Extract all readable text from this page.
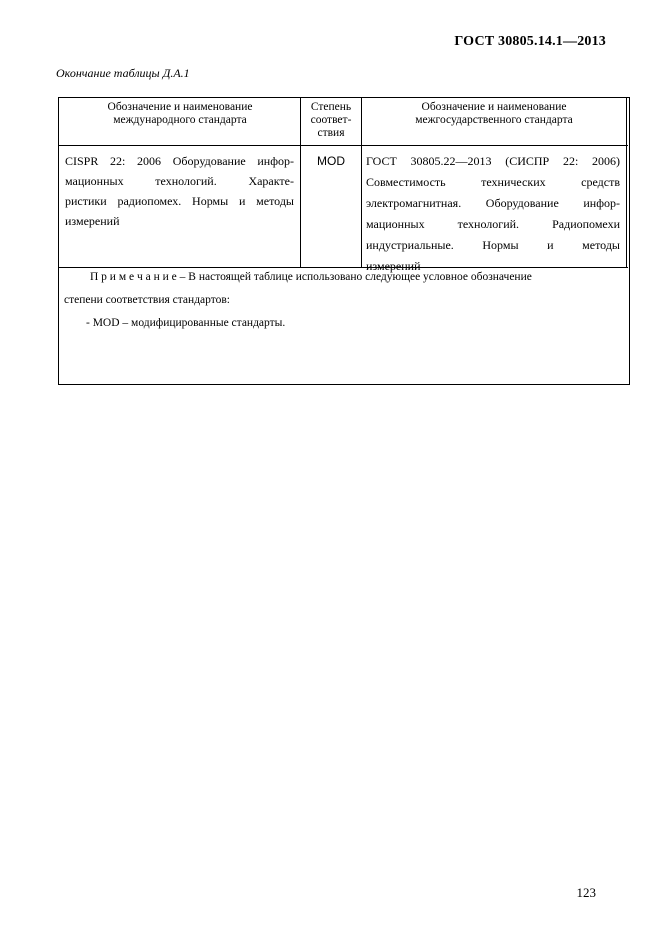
ГОСТ 30805.14.1—2013
Окончание таблицы Д.А.1
Обозначение и наименование
международного стандарта
Степень
соответ-
ствия
Обозначение и наименование
межгосударственного стандарта
CISPR 22: 2006 Оборудование инфор-
мационных технологий. Характе-
ристики радиопомех. Нормы и методы
измерений
MOD	ГОСТ 30805.22—2013 (СИСПР 22: 2006)
Совместимость технических средств
электромагнитная. Оборудование инфор-
мационных технологий. Радиопомехи
индустриальные. Нормы и методы
измерений
П р и м е ч а н и е – В настоящей таблице использовано следующее условное обозначение
степени соответствия стандартов:
- MOD – модифицированные стандарты.
123
